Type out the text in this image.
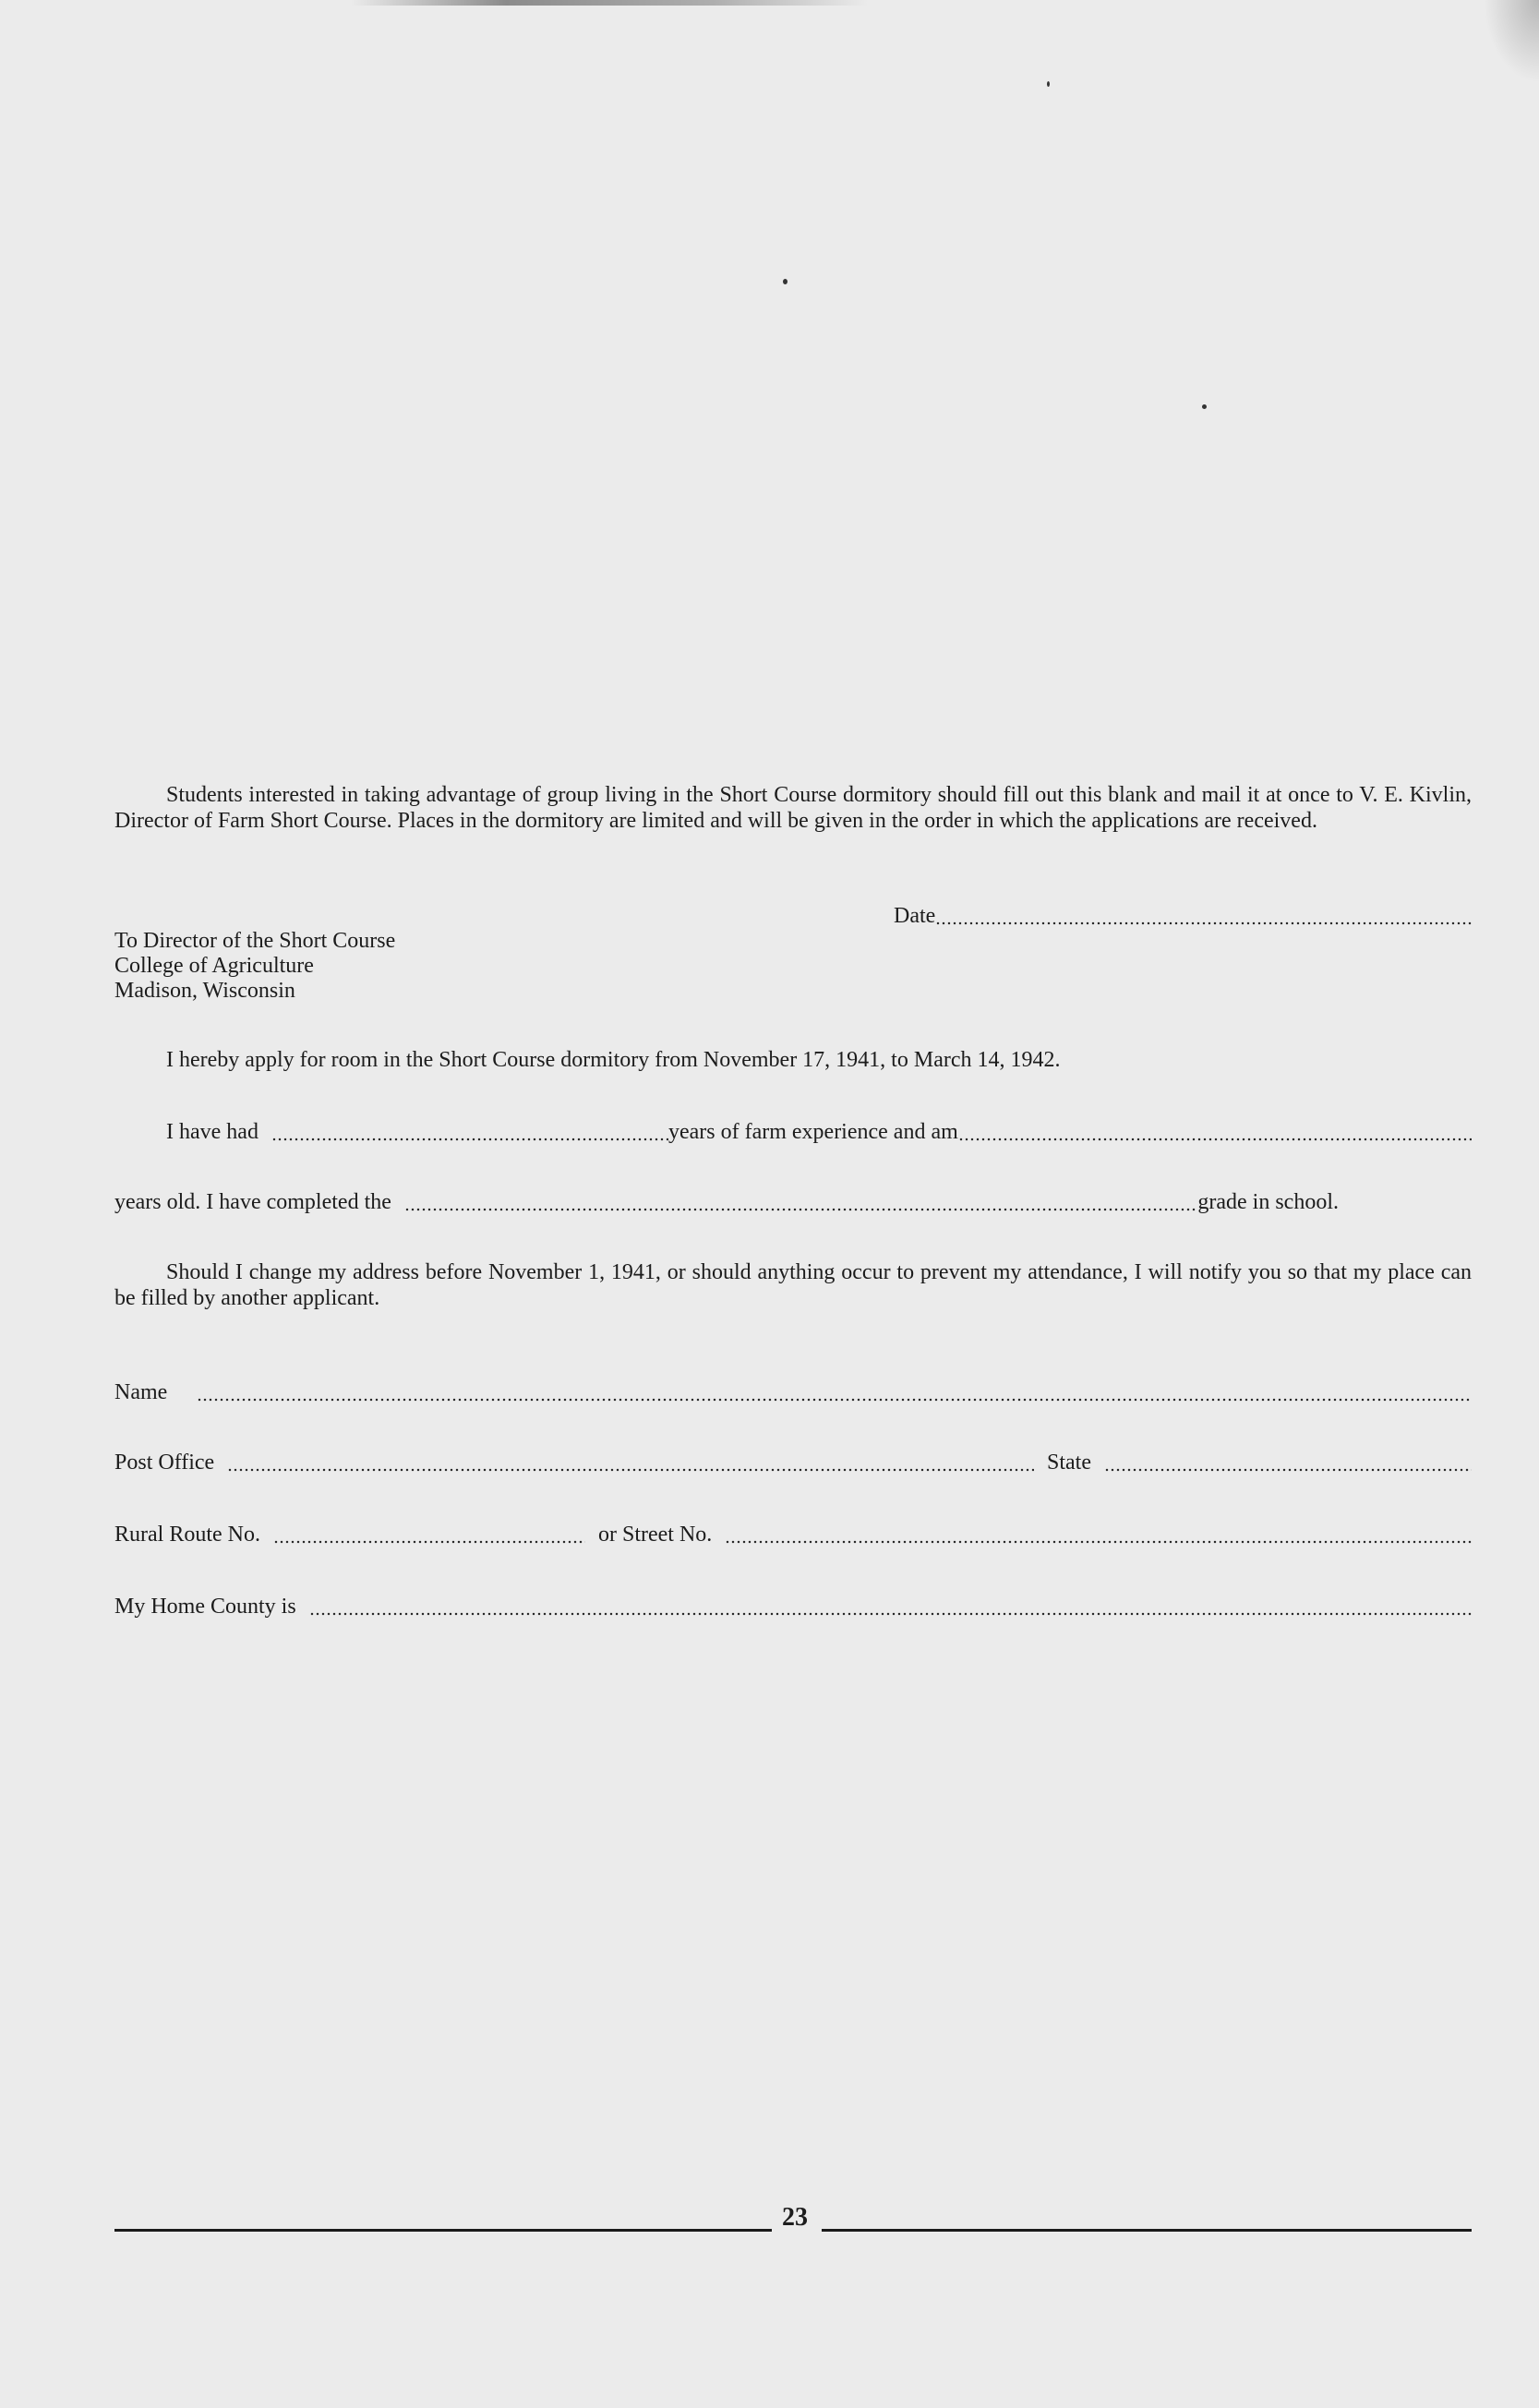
Students interested in taking advantage of group living in the Short Course dormitory should fill out this blank and mail it at once to V. E. Kivlin, Director of Farm Short Course. Places in the dormitory are limited and will be given in the order in which the applications are received.
Date
To Director of the Short Course
College of Agriculture
Madison, Wisconsin
I hereby apply for room in the Short Course dormitory from November 17, 1941, to March 14, 1942.
I have had	years of farm experience and am
years old. I have completed the	grade in school.
Should I change my address before November 1, 1941, or should anything occur to prevent my attendance, I will notify you so that my place can be filled by another applicant.
Name
Post Office	State
Rural Route No.	or Street No.
My Home County is
23
